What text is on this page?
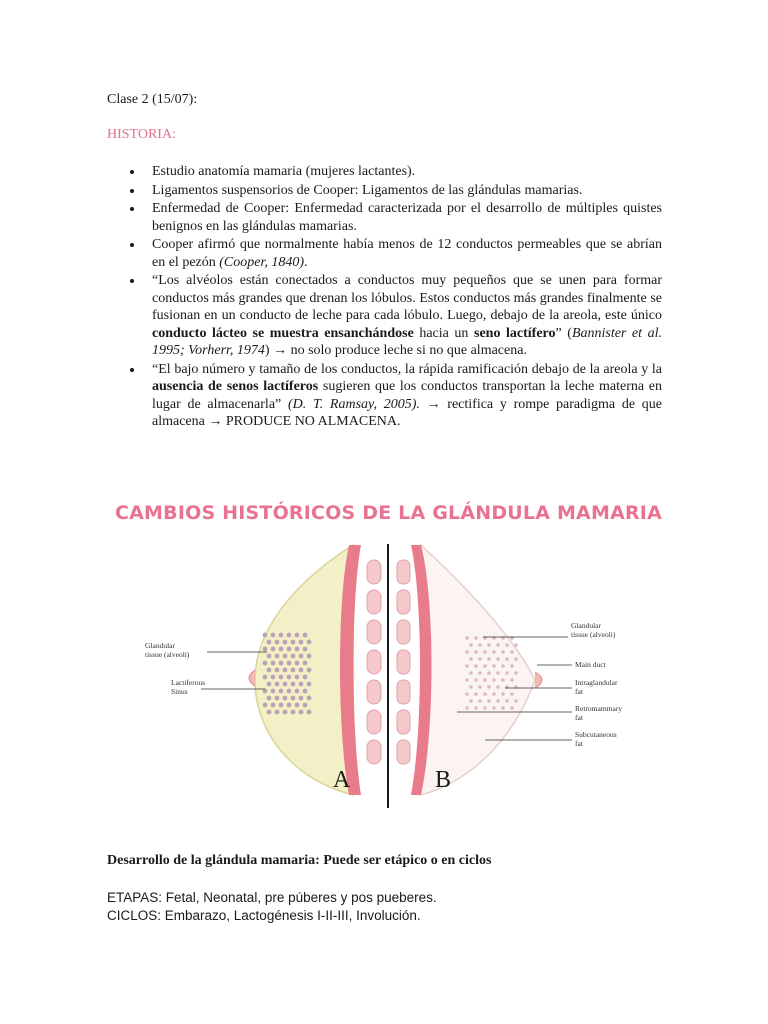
Clase 2 (15/07):
HISTORIA:
Estudio anatomía mamaria (mujeres lactantes).
Ligamentos suspensorios de Cooper: Ligamentos de las glándulas mamarias.
Enfermedad de Cooper: Enfermedad caracterizada por el desarrollo de múltiples quistes benignos en las glándulas mamarias.
Cooper afirmó que normalmente había menos de 12 conductos permeables que se abrían en el pezón (Cooper, 1840).
“Los alvéolos están conectados a conductos muy pequeños que se unen para formar conductos más grandes que drenan los lóbulos. Estos conductos más grandes finalmente se fusionan en un conducto de leche para cada lóbulo. Luego, debajo de la areola, este único conducto lácteo se muestra ensanchándose hacia un seno lactífero” (Bannister et al. 1995; Vorherr, 1974) → no solo produce leche si no que almacena.
“El bajo número y tamaño de los conductos, la rápida ramificación debajo de la areola y la ausencia de senos lactíferos sugieren que los conductos transportan la leche materna en lugar de almacenarla” (D. T. Ramsay, 2005). → rectifica y rompe paradigma de que almacena → PRODUCE NO ALMACENA.
CAMBIOS HISTÓRICOS DE LA GLÁNDULA MAMARIA
A	B
Glandular tissue (alveoli)
Lactiferous Sinus
Glandular tissue (alveoli)
Main duct
Intraglandular fat
Retromammary fat
Subcutaneous fat
Desarrollo de la glándula mamaria: Puede ser etápico o en ciclos
ETAPAS: Fetal, Neonatal, pre púberes y pos pueberes.
CICLOS: Embarazo, Lactogénesis I-II-III, Involución.
